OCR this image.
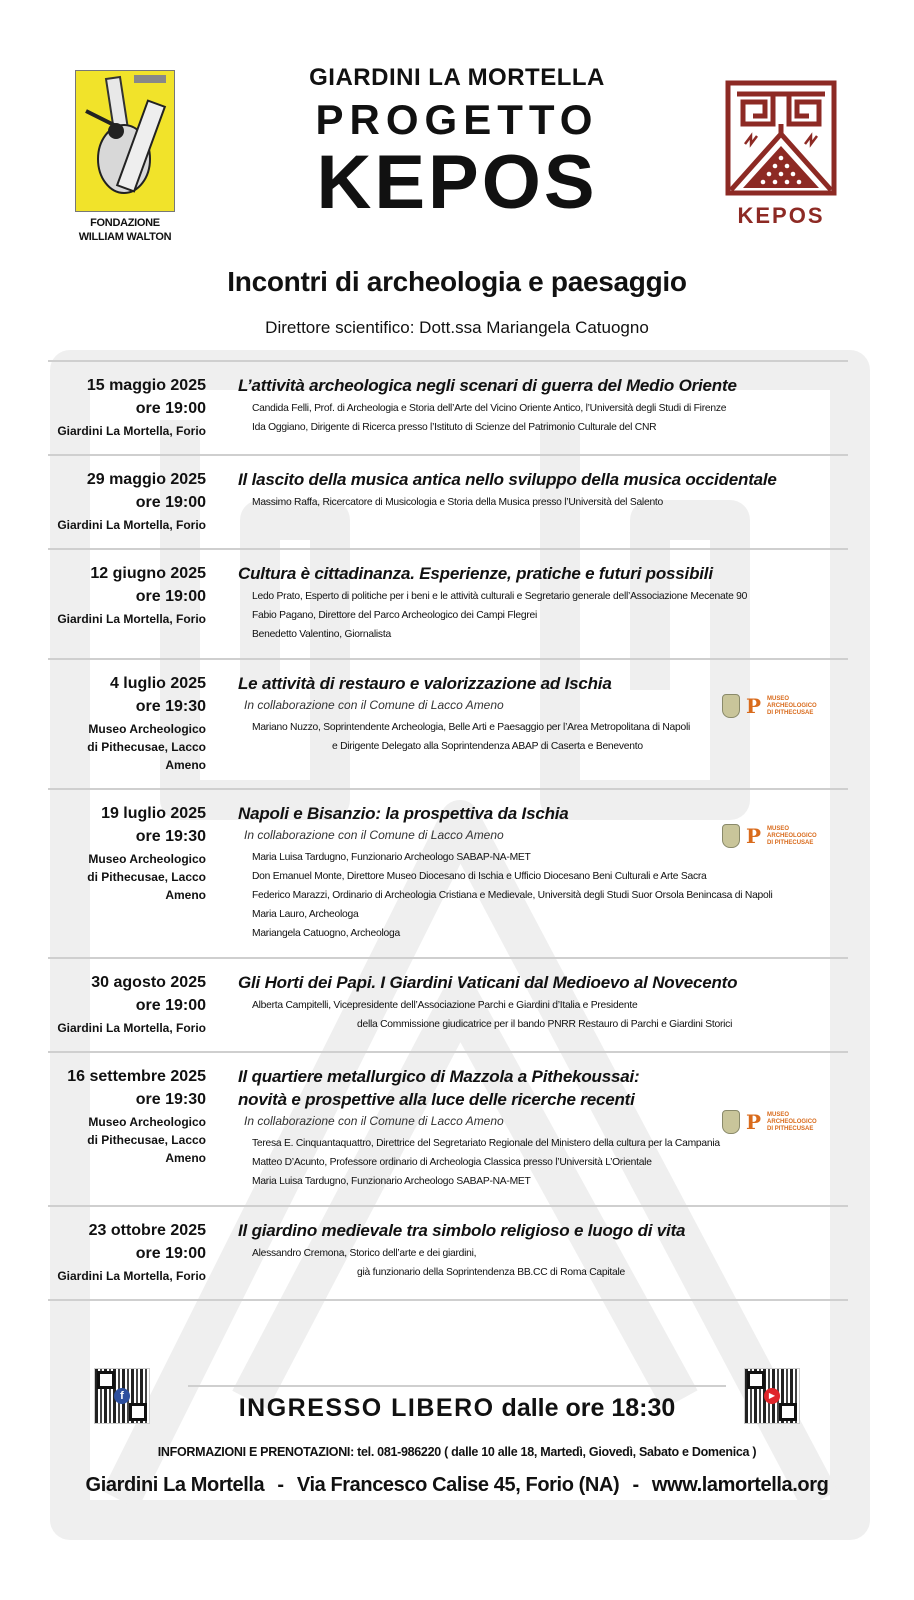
FONDAZIONE
WILLIAM WALTON
GIARDINI LA MORTELLA
PROGETTO
KEPOS	KEPOS
Incontri di archeologia e paesaggio
Direttore scientifico: Dott.ssa Mariangela Catuogno
15 maggio 2025
ore 19:00
Giardini La Mortella, Forio
L’attività archeologica negli scenari di guerra del Medio Oriente
Candida Felli, Prof. di Archeologia e Storia dell’Arte del Vicino Oriente Antico, l’Università degli Studi di Firenze
Ida Oggiano, Dirigente di Ricerca presso l’Istituto di Scienze del Patrimonio Culturale del CNR
29 maggio 2025
ore 19:00
Giardini La Mortella, Forio
Il lascito della musica antica nello sviluppo della musica occidentale
Massimo Raffa, Ricercatore di Musicologia e Storia della Musica presso l’Università del Salento
12 giugno 2025
ore 19:00
Giardini La Mortella, Forio
Cultura è cittadinanza. Esperienze, pratiche e futuri possibili
Ledo Prato, Esperto di politiche per i beni e le attività culturali e Segretario generale dell’Associazione Mecenate 90
Fabio Pagano, Direttore del Parco Archeologico dei Campi Flegrei
Benedetto Valentino, Giornalista
4 luglio 2025
ore 19:30
Museo Archeologico
di Pithecusae, Lacco Ameno
Le attività di restauro e valorizzazione ad Ischia
In collaborazione con il Comune di Lacco Ameno	P MUSEO
ARCHEOLOGICO
DI PITHECUSAE
Mariano Nuzzo, Soprintendente Archeologia, Belle Arti e Paesaggio per l’Area Metropolitana di Napoli
e Dirigente Delegato alla Soprintendenza ABAP di Caserta e Benevento
19 luglio 2025
ore 19:30
Museo Archeologico
di Pithecusae, Lacco Ameno
Napoli e Bisanzio: la prospettiva da Ischia
In collaborazione con il Comune di Lacco Ameno	P MUSEO
ARCHEOLOGICO
DI PITHECUSAE
Maria Luisa Tardugno, Funzionario Archeologo SABAP-NA-MET
Don Emanuel Monte, Direttore Museo Diocesano di Ischia e Ufficio Diocesano Beni Culturali e Arte Sacra
Federico Marazzi, Ordinario di Archeologia Cristiana e Medievale, Università degli Studi Suor Orsola Benincasa di Napoli
Maria Lauro, Archeologa
Mariangela Catuogno, Archeologa
30 agosto 2025
ore 19:00
Giardini La Mortella, Forio
Gli Horti dei Papi. I Giardini Vaticani dal Medioevo al Novecento
Alberta Campitelli, Vicepresidente dell’Associazione Parchi e Giardini d’Italia e Presidente
della Commissione giudicatrice per il bando PNRR Restauro di Parchi e Giardini Storici
16 settembre 2025
ore 19:30
Museo Archeologico
di Pithecusae, Lacco Ameno
Il quartiere metallurgico di Mazzola a Pithekoussai:
novità e prospettive alla luce delle ricerche recenti
In collaborazione con il Comune di Lacco Ameno	P MUSEO
ARCHEOLOGICO
DI PITHECUSAE
Teresa E. Cinquantaquattro, Direttrice del Segretariato Regionale del Ministero della cultura per la Campania
Matteo D’Acunto, Professore ordinario di Archeologia Classica presso l’Università L’Orientale
Maria Luisa Tardugno, Funzionario Archeologo SABAP-NA-MET
23 ottobre 2025
ore 19:00
Giardini La Mortella, Forio
Il giardino medievale tra simbolo religioso e luogo di vita
Alessandro Cremona, Storico dell’arte e dei giardini,
già funzionario della Soprintendenza BB.CC di Roma Capitale
f	▶
INGRESSO LIBERO dalle ore 18:30
INFORMAZIONI E PRENOTAZIONI: tel. 081-986220 ( dalle 10 alle 18, Martedì, Giovedì, Sabato e Domenica )
Giardini La Mortella - Via Francesco Calise 45, Forio (NA) - www.lamortella.org
